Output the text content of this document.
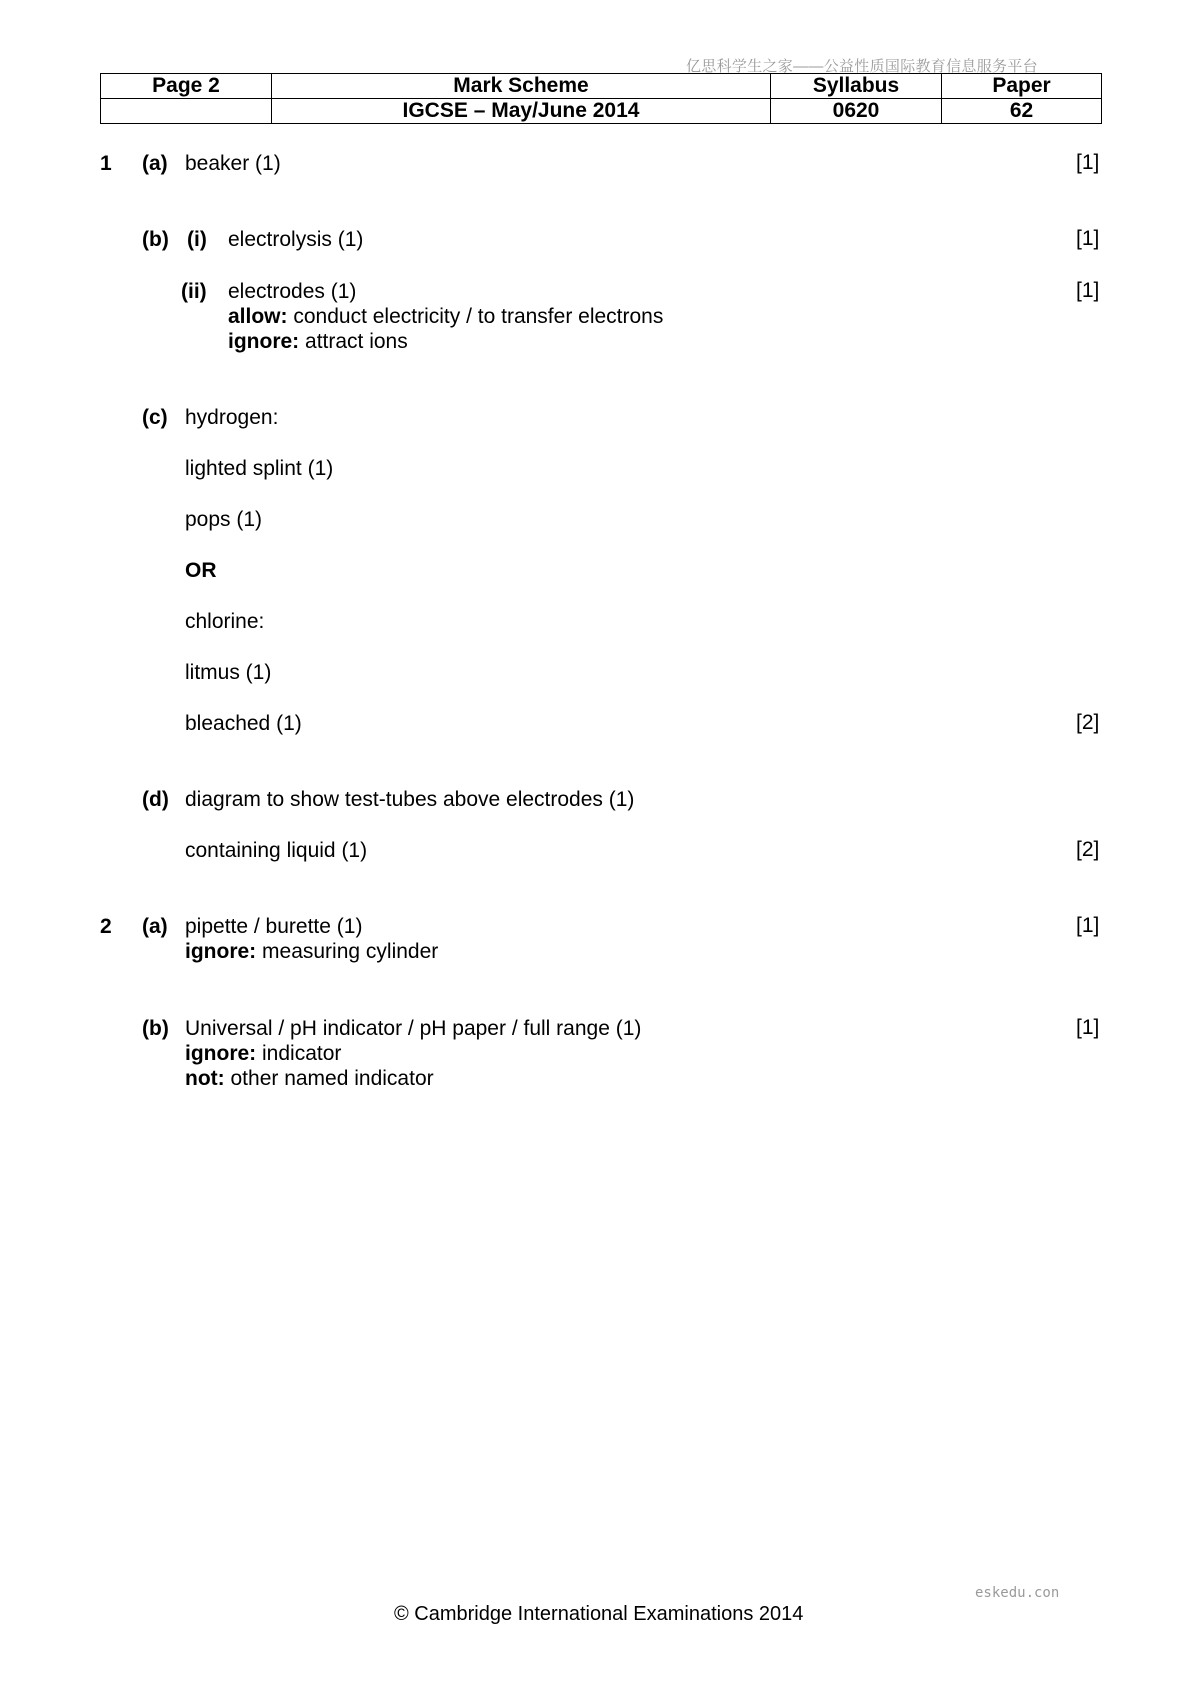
亿思科学生之家——公益性质国际教育信息服务平台
Page 2	Mark Scheme	Syllabus	Paper
	IGCSE – May/June 2014	0620	62
1 (a) beaker (1)	[1]
(b) (i) electrolysis (1)	[1]
(ii) electrodes (1)	[1]
allow: conduct electricity / to transfer electrons
ignore: attract ions
(c) hydrogen:
lighted splint (1)
pops (1)
OR
chlorine:
litmus (1)
bleached (1)	[2]
(d) diagram to show test-tubes above electrodes (1)
containing liquid (1)	[2]
2 (a) pipette / burette (1)	[1]
ignore: measuring cylinder
(b) Universal / pH indicator / pH paper / full range (1)	[1]
ignore: indicator
not: other named indicator
eskedu.con
© Cambridge International Examinations 2014
